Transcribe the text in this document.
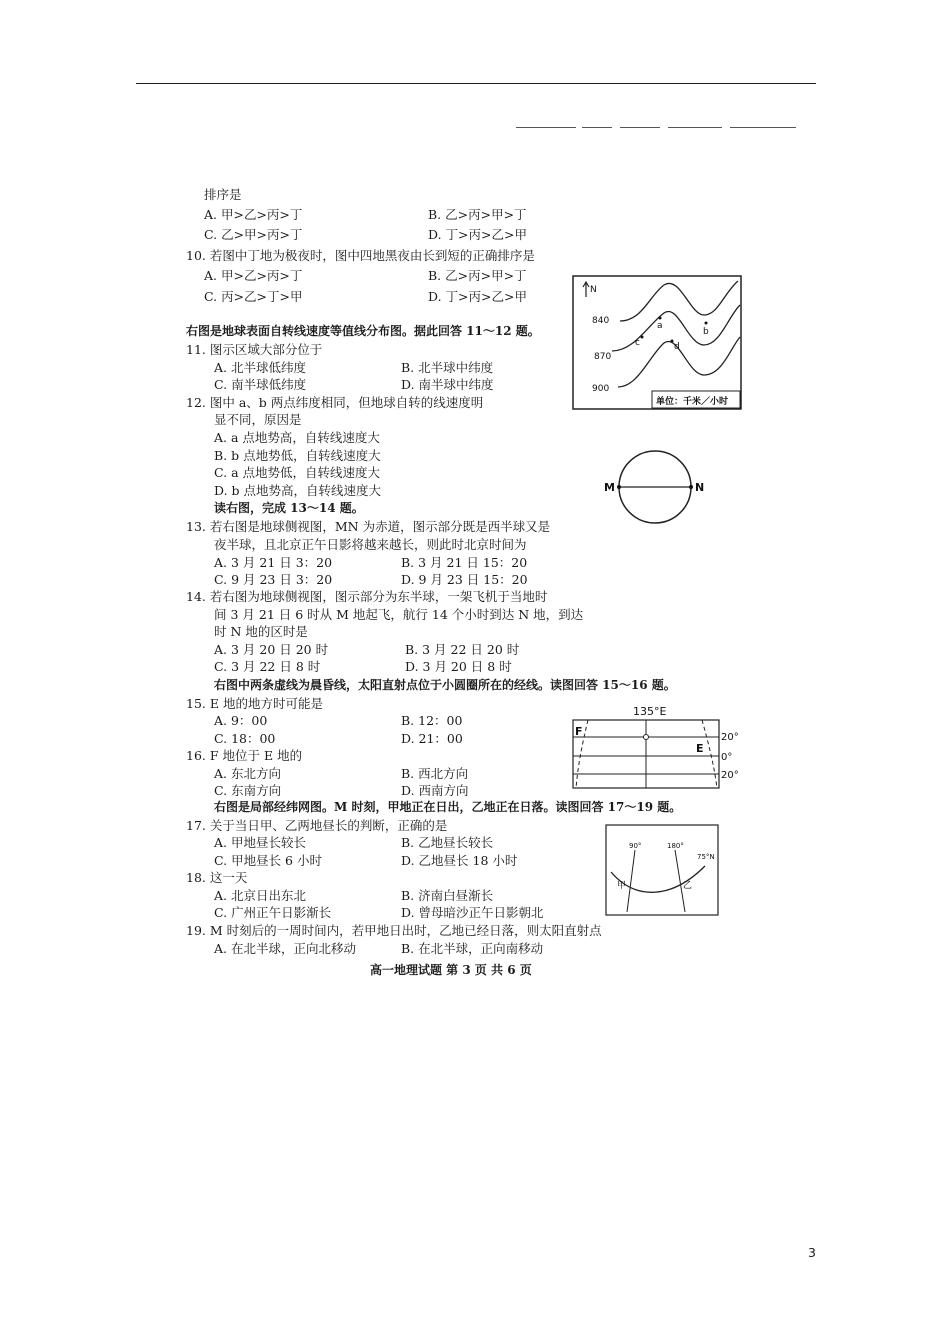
排序是
A. 甲>乙>丙>丁	B. 乙>丙>甲>丁
C. 乙>甲>丙>丁	D. 丁>丙>乙>甲
10. 若图中丁地为极夜时，图中四地黑夜由长到短的正确排序是
A. 甲>乙>丙>丁	B. 乙>丙>甲>丁
C. 丙>乙>丁>甲	D. 丁>丙>乙>甲
右图是地球表面自转线速度等值线分布图。据此回答 11～12 题。
11. 图示区域大部分位于
A. 北半球低纬度	B. 北半球中纬度
C. 南半球低纬度	D. 南半球中纬度
12. 图中 a、b 两点纬度相同，但地球自转的线速度明
显不同，原因是
A. a 点地势高，自转线速度大
B. b 点地势低，自转线速度大
C. a 点地势低，自转线速度大
D. b 点地势高，自转线速度大
读右图，完成 13～14 题。
13. 若右图是地球侧视图，MN 为赤道，图示部分既是西半球又是
夜半球，且北京正午日影将越来越长，则此时北京时间为
A. 3 月 21 日 3：20	B. 3 月 21 日 15：20
C. 9 月 23 日 3：20	D. 9 月 23 日 15：20
14. 若右图为地球侧视图，图示部分为东半球，一架飞机于当地时
间 3 月 21 日 6 时从 M 地起飞，航行 14 个小时到达 N 地，到达
时 N 地的区时是
A. 3 月 20 日 20 时	B. 3 月 22 日 20 时
C. 3 月 22 日 8 时	D. 3 月 20 日 8 时
右图中两条虚线为晨昏线，太阳直射点位于小圆圈所在的经线。读图回答 15～16 题。
15. E 地的地方时可能是
A. 9：00	B. 12：00
C. 18：00	D. 21：00
16. F 地位于 E 地的
A. 东北方向	B. 西北方向
C. 东南方向	D. 西南方向
右图是局部经纬网图。M 时刻，甲地正在日出，乙地正在日落。读图回答 17～19 题。
17. 关于当日甲、乙两地昼长的判断，正确的是
A. 甲地昼长较长	B. 乙地昼长较长
C. 甲地昼长 6 小时	D. 乙地昼长 18 小时
18. 这一天
A. 北京日出东北	B. 济南白昼渐长
C. 广州正午日影渐长	D. 曾母暗沙正午日影朝北
19. M 时刻后的一周时间内，若甲地日出时，乙地已经日落，则太阳直射点
A. 在北半球，正向北移动	B. 在北半球，正向南移动
高一地理试题 第 3 页 共 6 页
3
N
840
870
900
a
b
c	d
单位：千米／小时
M	N
135°E
F
E
20°
0°
20°
90°	180°
75°N
甲	乙
